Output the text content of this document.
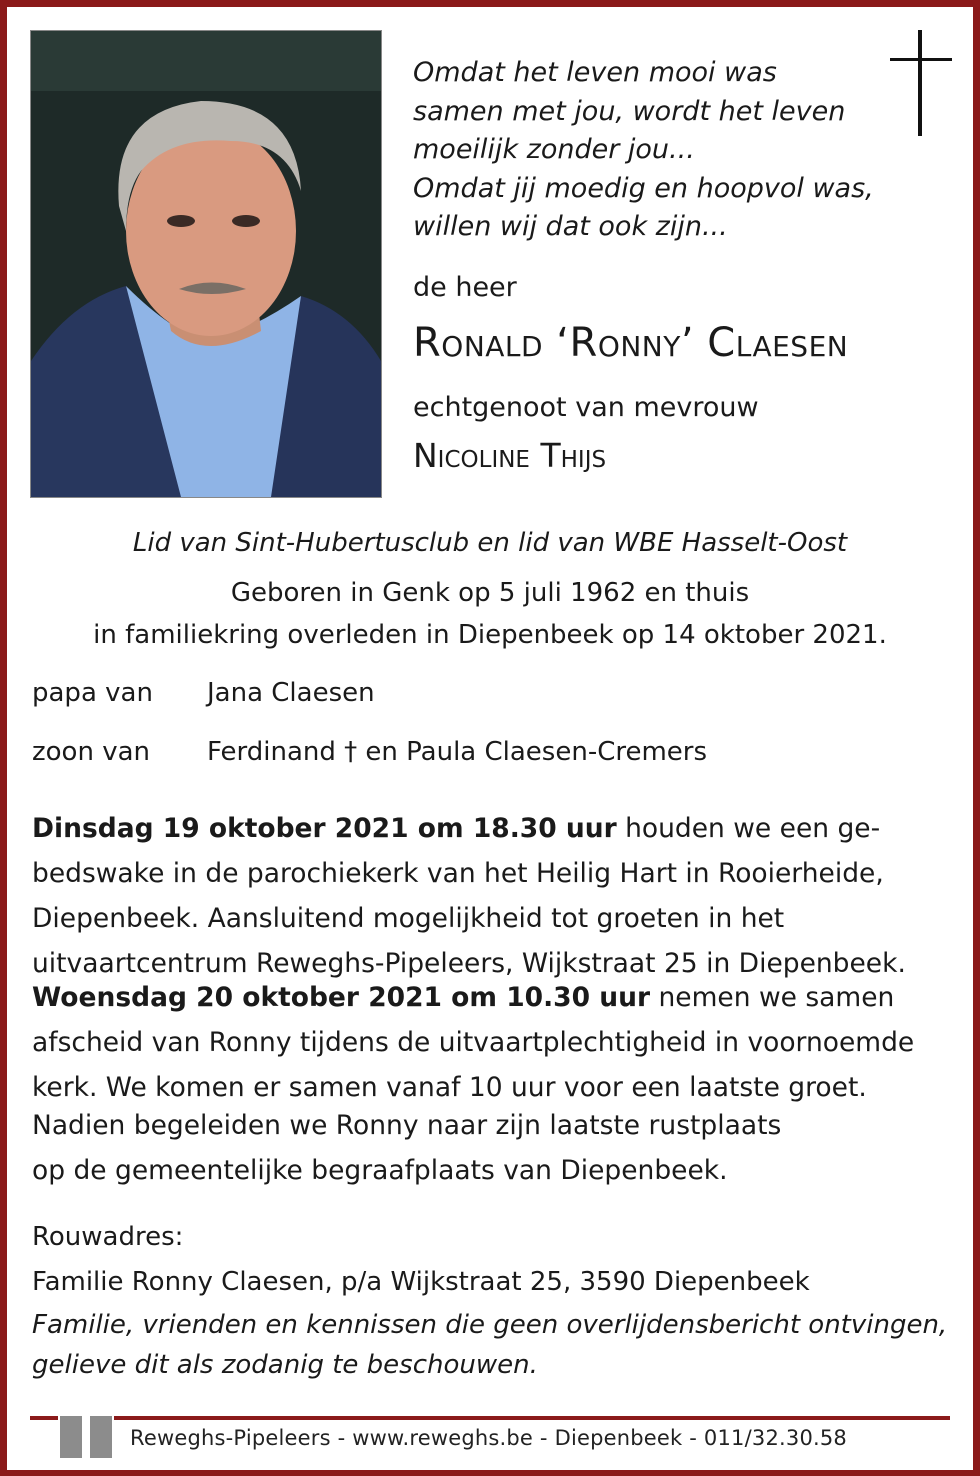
Omdat het leven mooi was
samen met jou, wordt het leven
moeilijk zonder jou...
Omdat jij moedig en hoopvol was,
willen wij dat ook zijn...
de heer
Ronald ‘Ronny’ Claesen
echtgenoot van mevrouw
Nicoline Thijs
Lid van Sint-Hubertusclub en lid van WBE Hasselt-Oost
Geboren in Genk op 5 juli 1962 en thuis
in familiekring overleden in Diepenbeek op 14 oktober 2021.
papa van Jana Claesen
zoon van Ferdinand † en Paula Claesen-Cremers
Dinsdag 19 oktober 2021 om 18.30 uur houden we een ge-
bedswake in de parochiekerk van het Heilig Hart in Rooierheide,
Diepenbeek. Aansluitend mogelijkheid tot groeten in het
uitvaartcentrum Reweghs-Pipeleers, Wijkstraat 25 in Diepenbeek.
Woensdag 20 oktober 2021 om 10.30 uur nemen we samen
afscheid van Ronny tijdens de uitvaartplechtigheid in voornoemde
kerk. We komen er samen vanaf 10 uur voor een laatste groet.
Nadien begeleiden we Ronny naar zijn laatste rustplaats
op de gemeentelijke begraafplaats van Diepenbeek.
Rouwadres:
Familie Ronny Claesen, p/a Wijkstraat 25, 3590 Diepenbeek
Familie, vrienden en kennissen die geen overlijdensbericht ontvingen,
gelieve dit als zodanig te beschouwen.
Reweghs-Pipeleers - www.reweghs.be - Diepenbeek - 011/32.30.58
